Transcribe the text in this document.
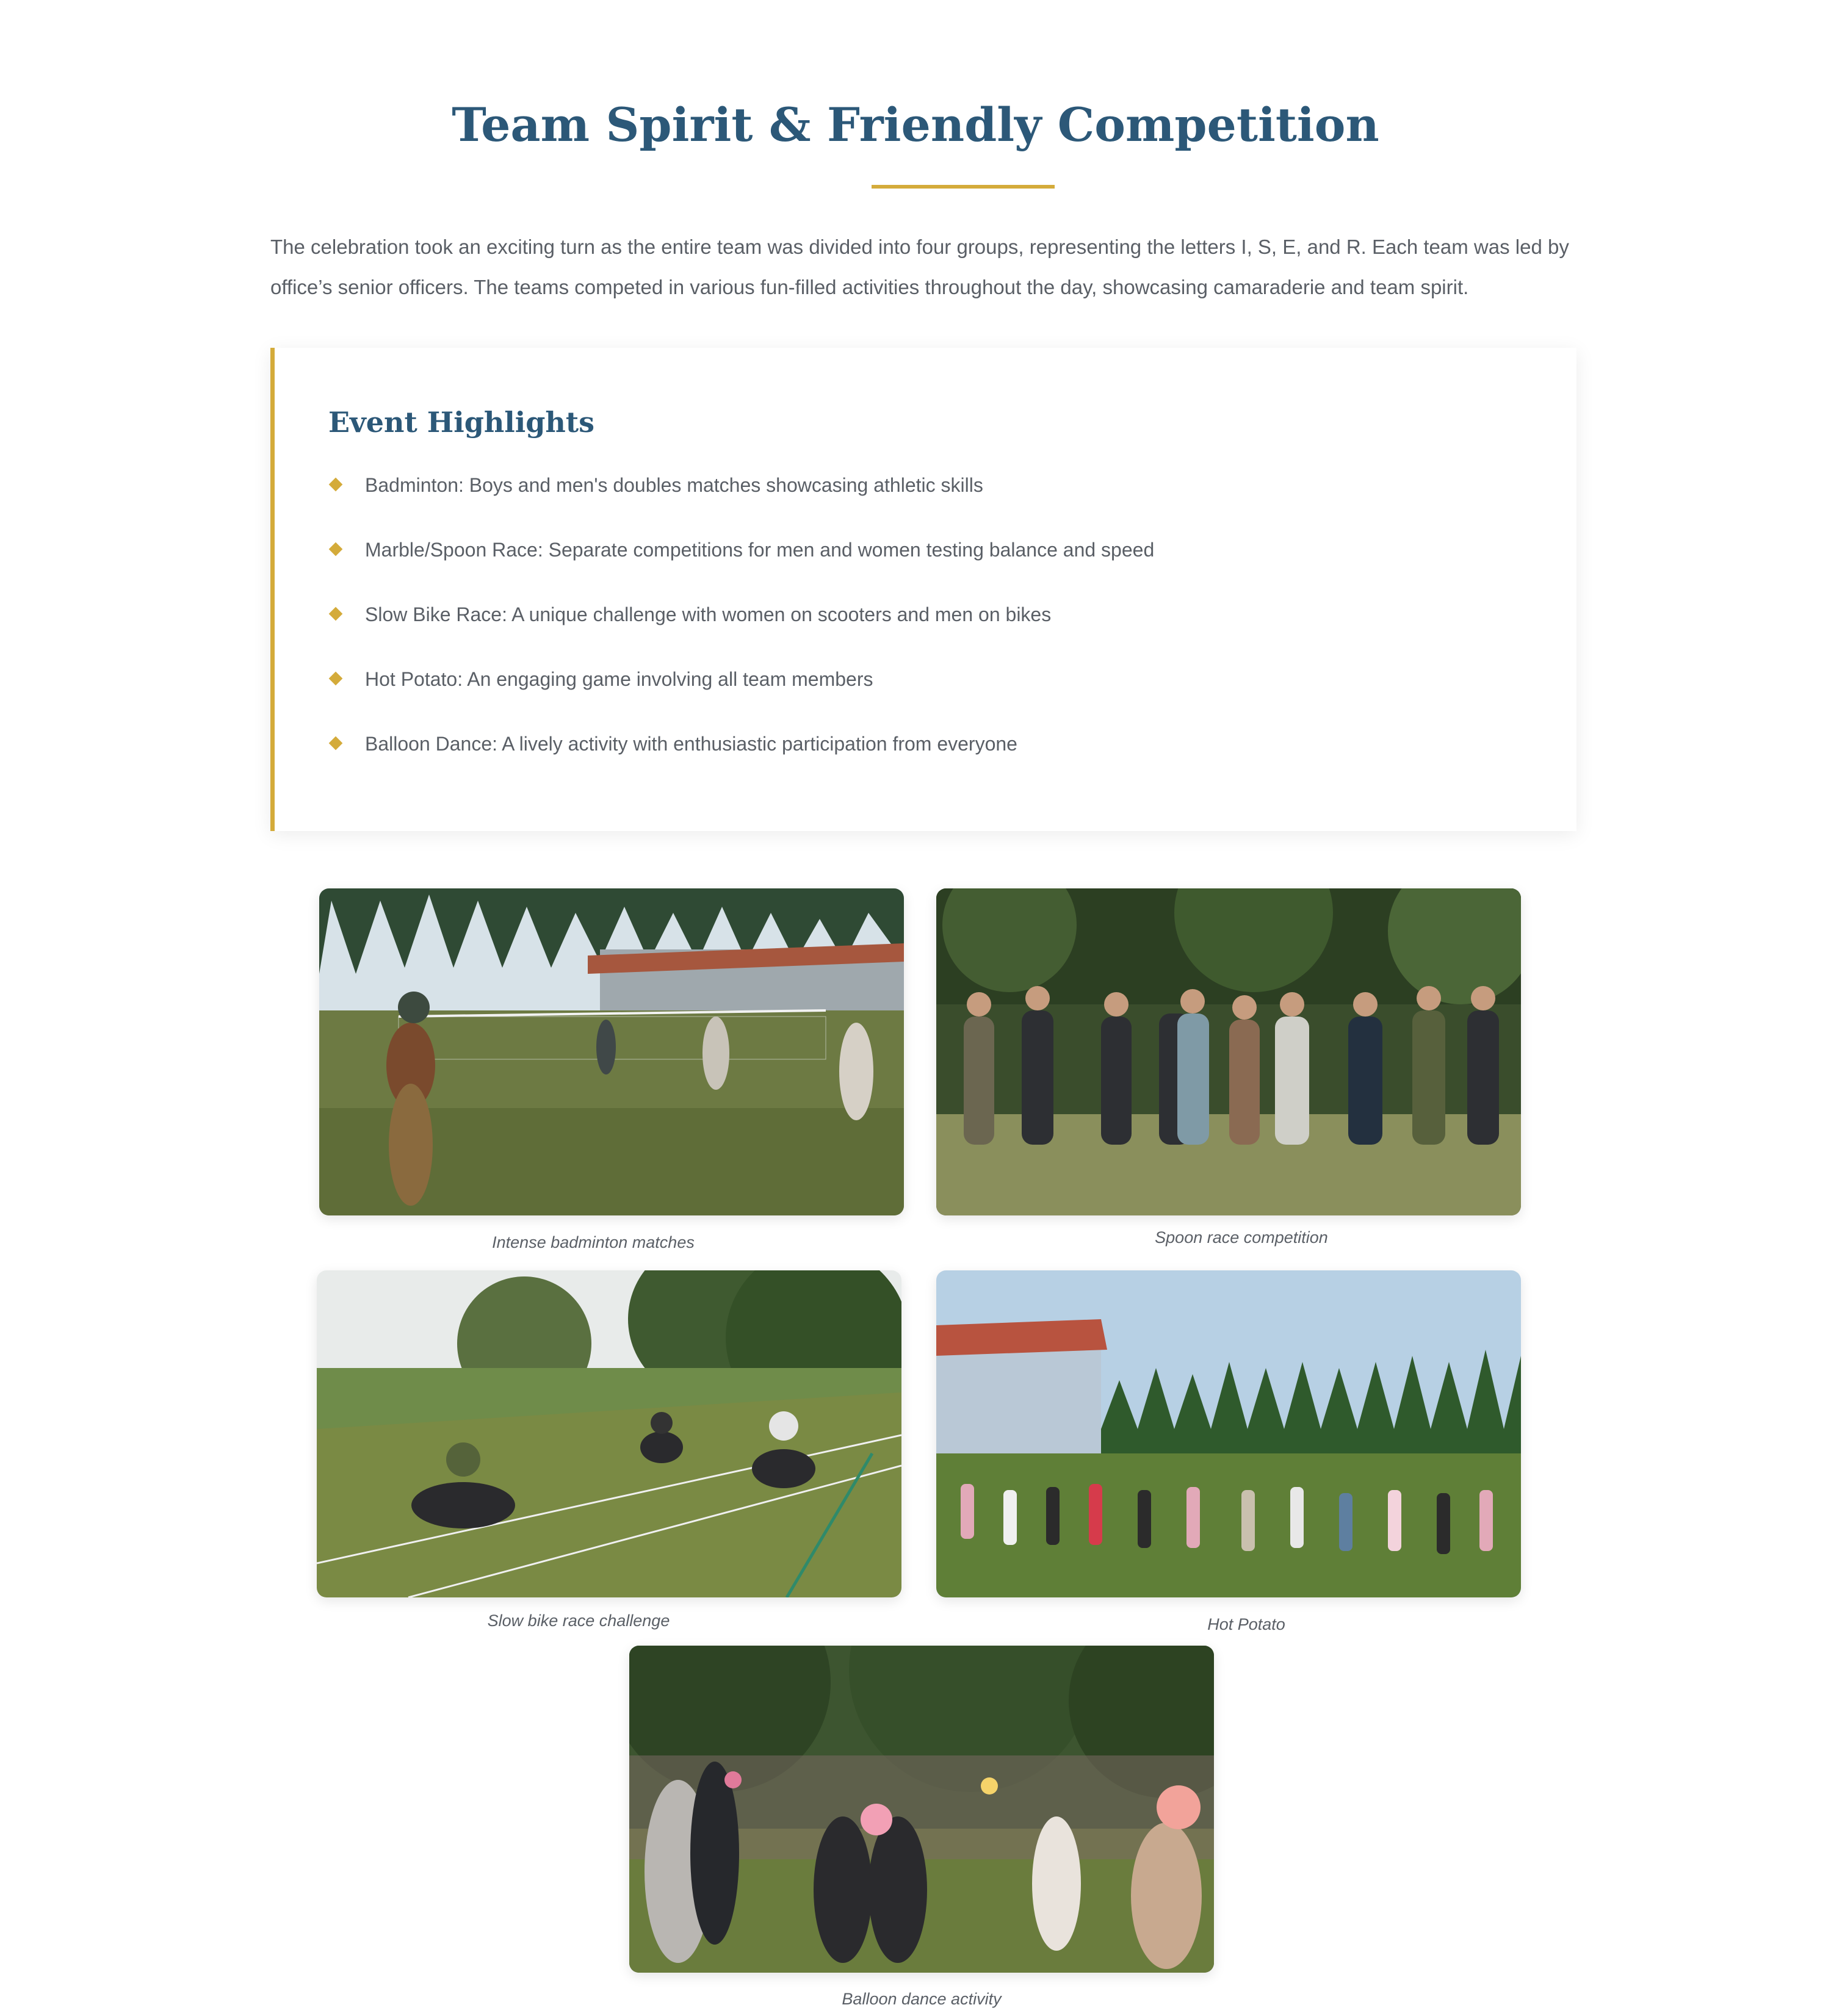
Team Spirit & Friendly Competition

The celebration took an exciting turn as the entire team was divided into four groups, representing the letters I, S, E, and R. Each team was led by office’s senior officers. The teams competed in various fun-filled activities throughout the day, showcasing camaraderie and team spirit.

Event Highlights
Badminton: Boys and men's doubles matches showcasing athletic skills
Marble/Spoon Race: Separate competitions for men and women testing balance and speed
Slow Bike Race: A unique challenge with women on scooters and men on bikes
Hot Potato: An engaging game involving all team members
Balloon Dance: A lively activity with enthusiastic participation from everyone
Intense badminton matches	Spoon race competition
Slow bike race challenge	Hot Potato
Balloon dance activity
